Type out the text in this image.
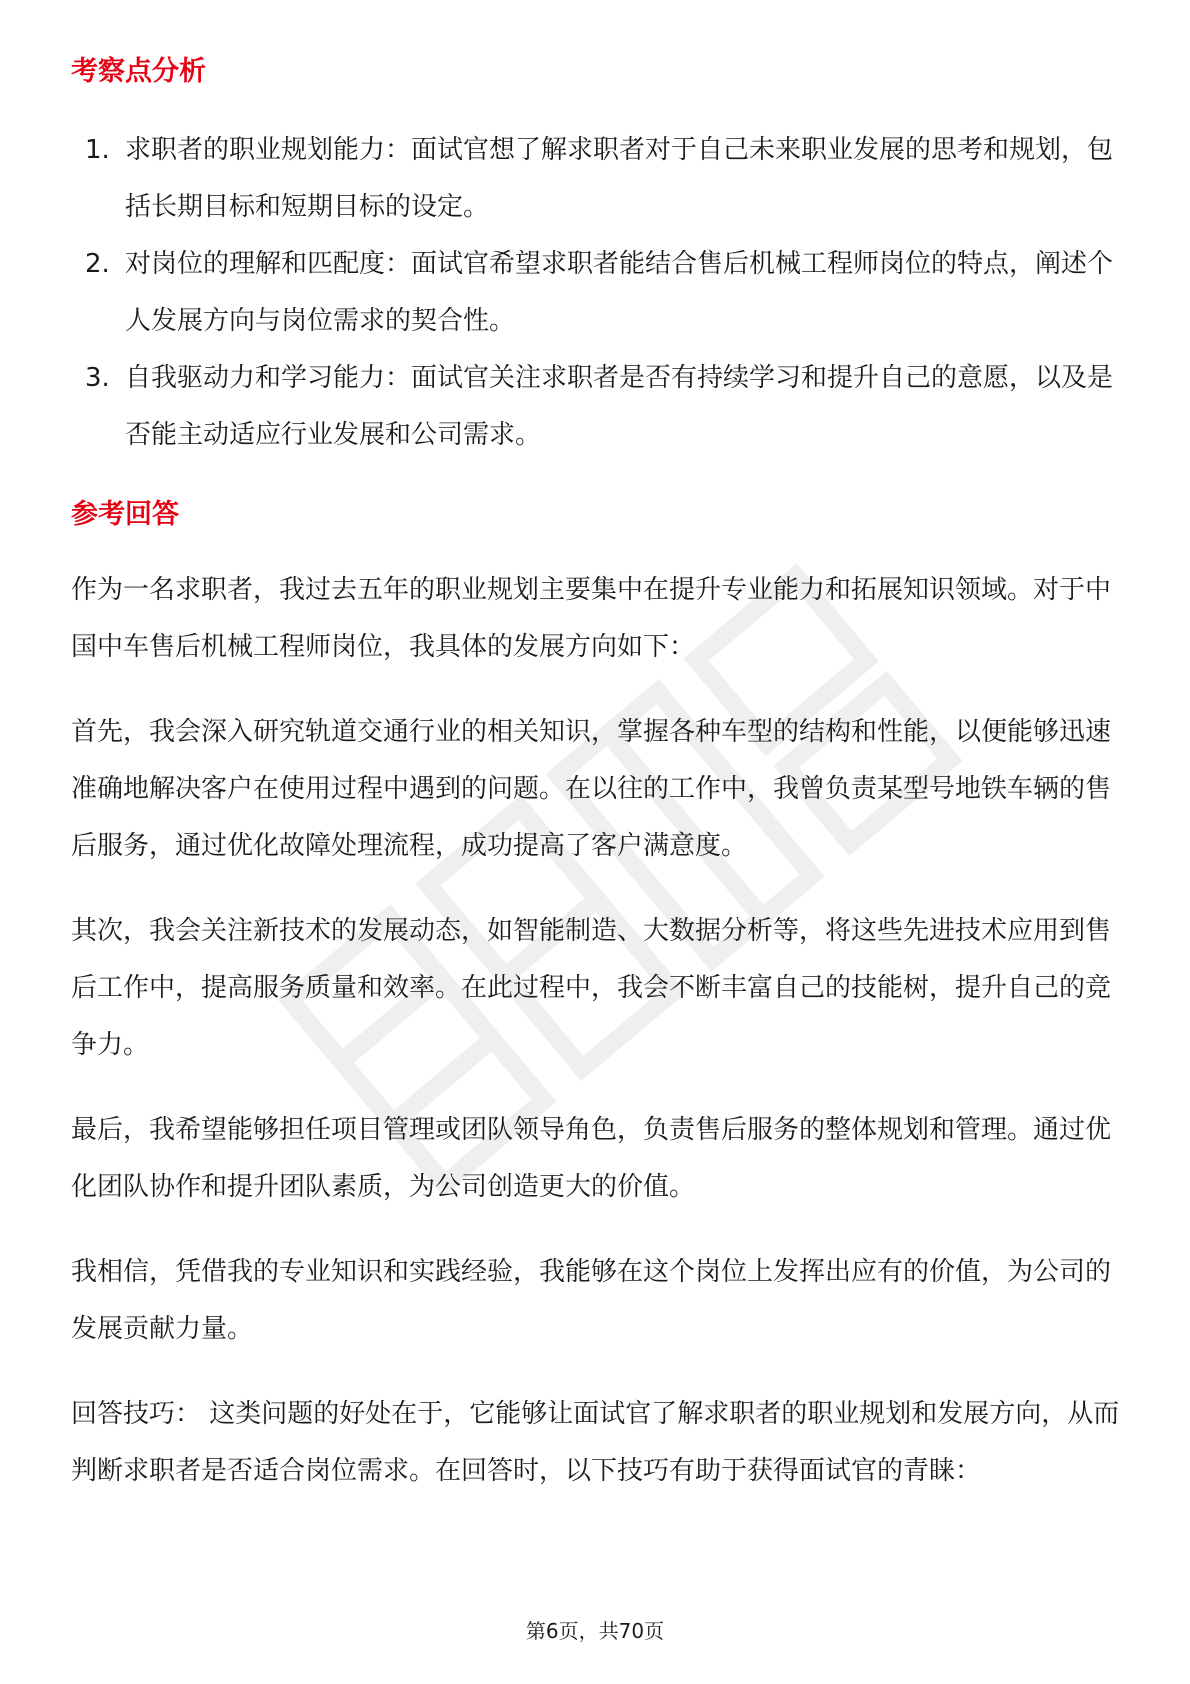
考察点分析
1. 求职者的职业规划能力：面试官想了解求职者对于自己未来职业发展的思考和规划，包括长期目标和短期目标的设定。
2. 对岗位的理解和匹配度：面试官希望求职者能结合售后机械工程师岗位的特点，阐述个人发展方向与岗位需求的契合性。
3. 自我驱动力和学习能力：面试官关注求职者是否有持续学习和提升自己的意愿，以及是否能主动适应行业发展和公司需求。
参考回答

作为一名求职者，我过去五年的职业规划主要集中在提升专业能力和拓展知识领域。对于中国中车售后机械工程师岗位，我具体的发展方向如下：

首先，我会深入研究轨道交通行业的相关知识，掌握各种车型的结构和性能，以便能够迅速准确地解决客户在使用过程中遇到的问题。在以往的工作中，我曾负责某型号地铁车辆的售后服务，通过优化故障处理流程，成功提高了客户满意度。

其次，我会关注新技术的发展动态，如智能制造、大数据分析等，将这些先进技术应用到售后工作中，提高服务质量和效率。在此过程中，我会不断丰富自己的技能树，提升自己的竞争力。

最后，我希望能够担任项目管理或团队领导角色，负责售后服务的整体规划和管理。通过优化团队协作和提升团队素质，为公司创造更大的价值。

我相信，凭借我的专业知识和实践经验，我能够在这个岗位上发挥出应有的价值，为公司的发展贡献力量。

回答技巧： 这类问题的好处在于，它能够让面试官了解求职者的职业规划和发展方向，从而判断求职者是否适合岗位需求。在回答时，以下技巧有助于获得面试官的青睐：

第6页，共70页
